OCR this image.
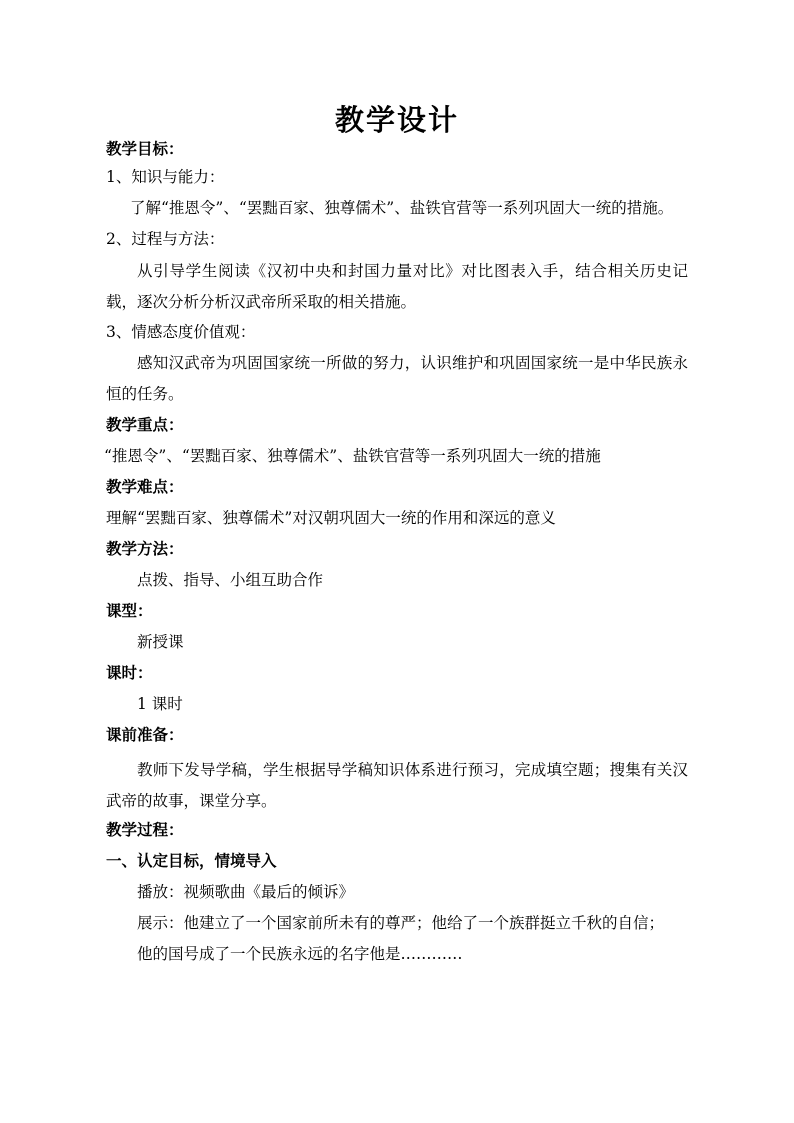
教学设计
教学目标：
1、知识与能力：
了解“推恩令”、“罢黜百家、独尊儒术”、盐铁官营等一系列巩固大一统的措施。
2、过程与方法：
从引导学生阅读《汉初中央和封国力量对比》对比图表入手，结合相关历史记载，逐次分析分析汉武帝所采取的相关措施。
3、情感态度价值观：
感知汉武帝为巩固国家统一所做的努力，认识维护和巩固国家统一是中华民族永恒的任务。
教学重点：
“推恩令”、“罢黜百家、独尊儒术”、盐铁官营等一系列巩固大一统的措施
教学难点：
理解“罢黜百家、独尊儒术”对汉朝巩固大一统的作用和深远的意义
教学方法：
点拨、指导、小组互助合作
课型：
新授课
课时：
1 课时
课前准备：
教师下发导学稿，学生根据导学稿知识体系进行预习，完成填空题；搜集有关汉武帝的故事，课堂分享。
教学过程：
一、认定目标，情境导入
播放：视频歌曲《最后的倾诉》
展示：他建立了一个国家前所未有的尊严；他给了一个族群挺立千秋的自信；
他的国号成了一个民族永远的名字他是…………
